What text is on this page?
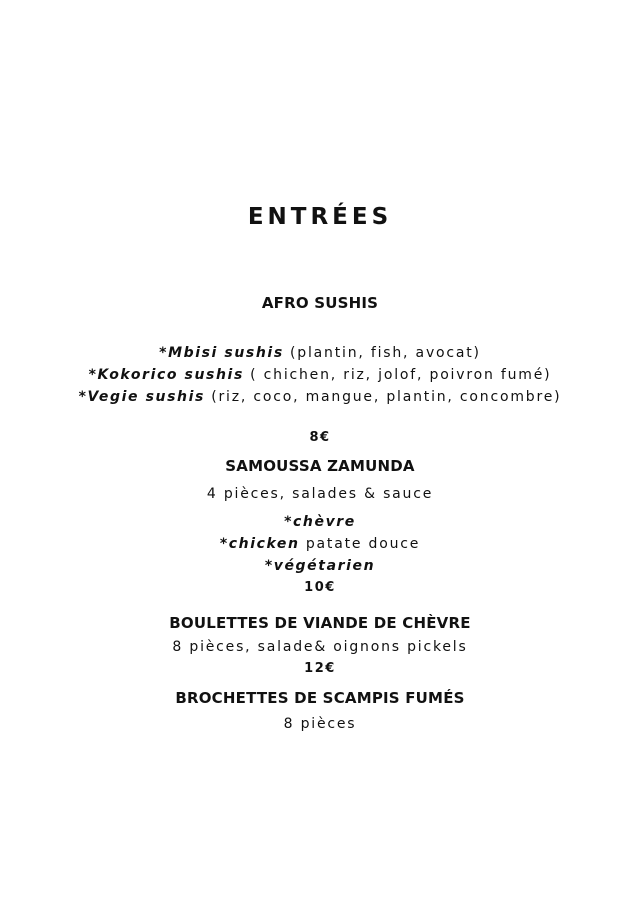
ENTRÉES
AFRO SUSHIS
*Mbisi sushis (plantin, fish, avocat)
*Kokorico sushis ( chichen, riz, jolof, poivron fumé)
*Vegie sushis (riz, coco, mangue, plantin, concombre)
8€
SAMOUSSA ZAMUNDA
4 pièces, salades & sauce
*chèvre
*chicken patate douce
*végétarien
10€
BOULETTES DE VIANDE DE CHÈVRE
8 pièces, salade& oignons pickels
12€
BROCHETTES DE SCAMPIS FUMÉS
8 pièces
